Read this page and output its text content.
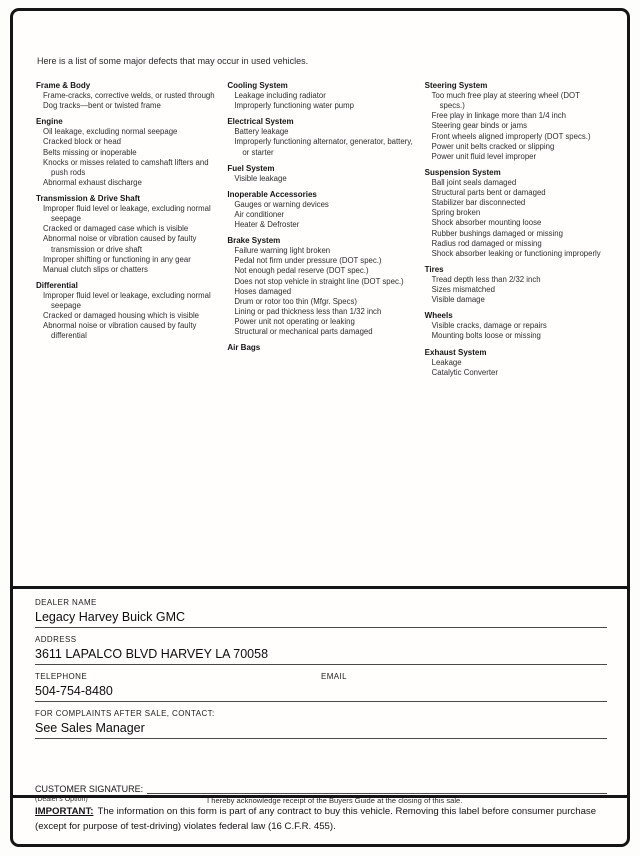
Here is a list of some major defects that may occur in used vehicles.
Frame & Body
Frame-cracks, corrective welds, or rusted through
Dog tracks—bent or twisted frame
Engine
Oil leakage, excluding normal seepage
Cracked block or head
Belts missing or inoperable
Knocks or misses related to camshaft lifters and push rods
Abnormal exhaust discharge
Transmission & Drive Shaft
Improper fluid level or leakage, excluding normal seepage
Cracked or damaged case which is visible
Abnormal noise or vibration caused by faulty transmission or drive shaft
Improper shifting or functioning in any gear
Manual clutch slips or chatters
Differential
Improper fluid level or leakage, excluding normal seepage
Cracked or damaged housing which is visible
Abnormal noise or vibration caused by faulty differential
Cooling System
Leakage including radiator
Improperly functioning water pump
Electrical System
Battery leakage
Improperly functioning alternator, generator, battery, or starter
Fuel System
Visible leakage
Inoperable Accessories
Gauges or warning devices
Air conditioner
Heater & Defroster
Brake System
Failure warning light broken
Pedal not firm under pressure (DOT spec.)
Not enough pedal reserve (DOT spec.)
Does not stop vehicle in straight line (DOT spec.)
Hoses damaged
Drum or rotor too thin (Mfgr. Specs)
Lining or pad thickness less than 1/32 inch
Power unit not operating or leaking
Structural or mechanical parts damaged
Air Bags
Steering System
Too much free play at steering wheel (DOT specs.)
Free play in linkage more than 1/4 inch
Steering gear binds or jams
Front wheels aligned improperly (DOT specs.)
Power unit belts cracked or slipping
Power unit fluid level improper
Suspension System
Ball joint seals damaged
Structural parts bent or damaged
Stabilizer bar disconnected
Spring broken
Shock absorber mounting loose
Rubber bushings damaged or missing
Radius rod damaged or missing
Shock absorber leaking or functioning improperly
Tires
Tread depth less than 2/32 inch
Sizes mismatched
Visible damage
Wheels
Visible cracks, damage or repairs
Mounting bolts loose or missing
Exhaust System
Leakage
Catalytic Converter
DEALER NAME
Legacy Harvey Buick GMC
ADDRESS
3611 LAPALCO BLVD HARVEY LA 70058
TELEPHONE
504-754-8480
EMAIL
FOR COMPLAINTS AFTER SALE, CONTACT:
See Sales Manager
CUSTOMER SIGNATURE:
(Dealer's Option)	I hereby acknowledge receipt of the Buyers Guide at the closing of this sale.
IMPORTANT: The information on this form is part of any contract to buy this vehicle. Removing this label before consumer purchase (except for purpose of test-driving) violates federal law (16 C.F.R. 455).
